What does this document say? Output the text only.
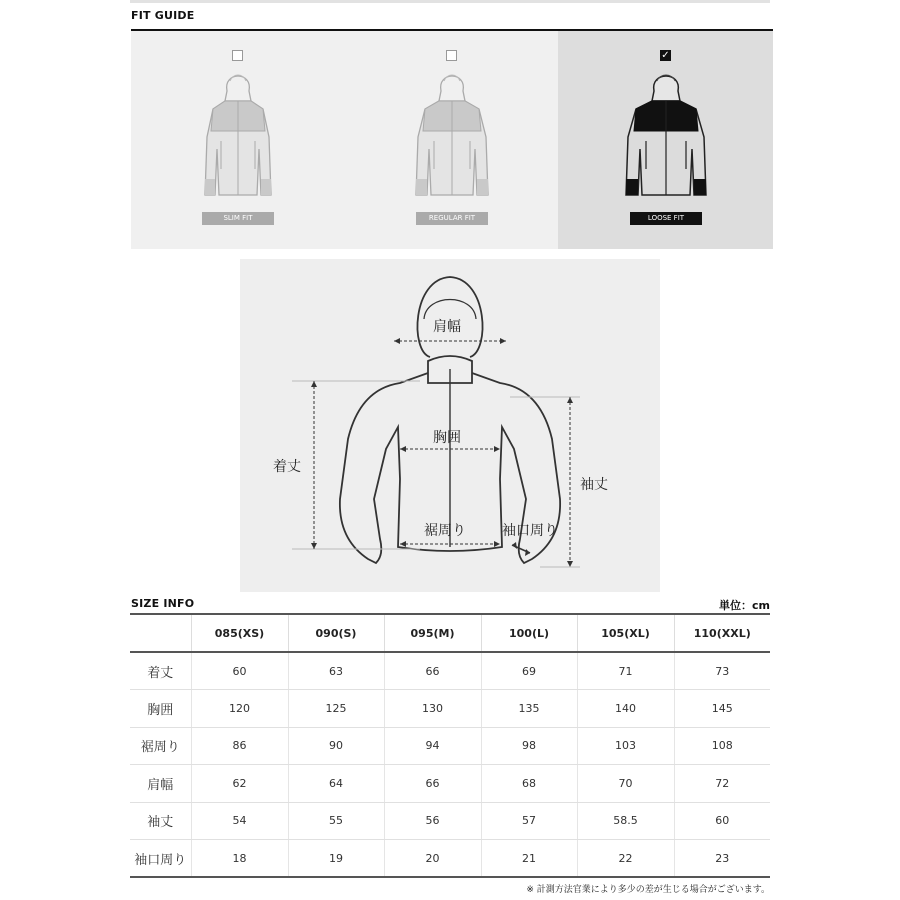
FIT GUIDE
SLIM FIT	REGULAR FIT
✓
LOOSE FIT
肩幅
着丈
胸囲
袖丈
裾周り	袖口周り
SIZE INFO	単位：cm
	085(XS)	090(S)	095(M)	100(L)	105(XL)	110(XXL)
着丈	60	63	66	69	71	73
胸囲	120	125	130	135	140	145
裾周り	86	90	94	98	103	108
肩幅	62	64	66	68	70	72
袖丈	54	55	56	57	58.5	60
袖口周り	18	19	20	21	22	23
※ 計測方法官業により多少の差が生じる場合がございます。
